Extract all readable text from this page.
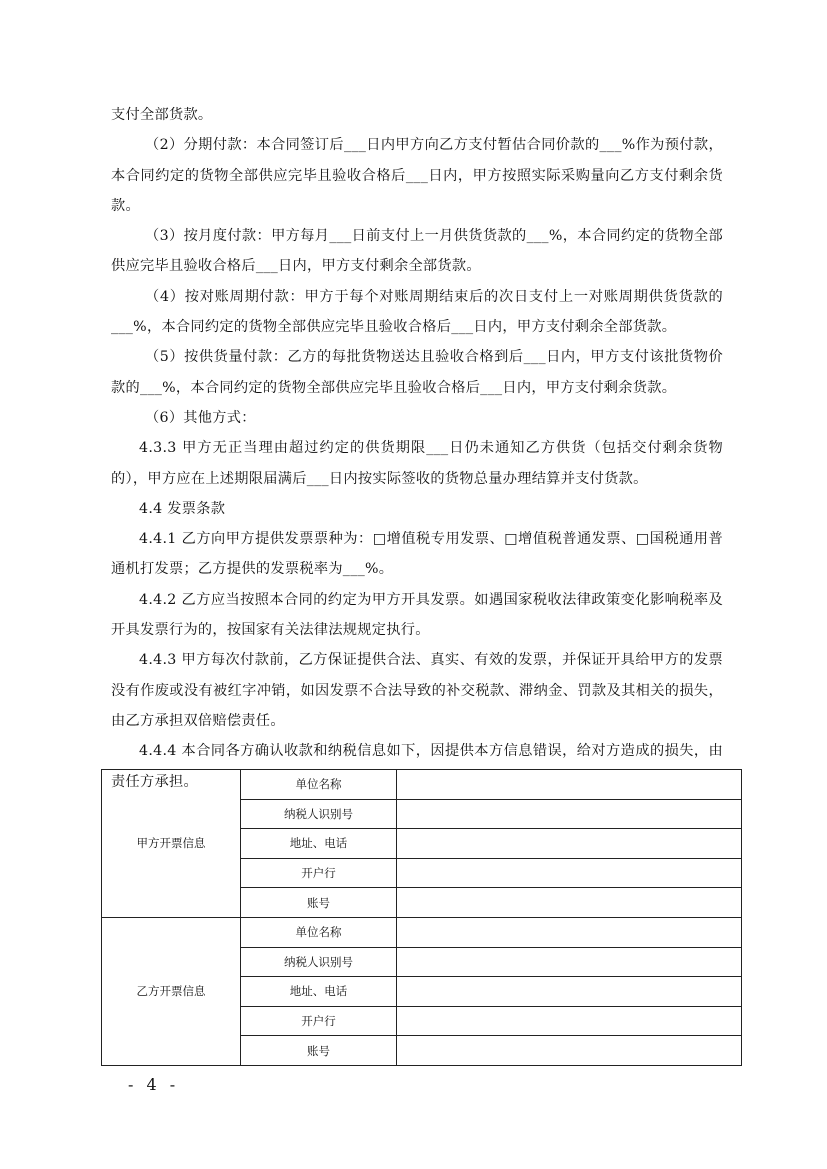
支付全部货款。

（2）分期付款：本合同签订后___日内甲方向乙方支付暂估合同价款的___%作为预付款，本合同约定的货物全部供应完毕且验收合格后___日内，甲方按照实际采购量向乙方支付剩余货款。

（3）按月度付款：甲方每月___日前支付上一月供货货款的___%，本合同约定的货物全部供应完毕且验收合格后___日内，甲方支付剩余全部货款。

（4）按对账周期付款：甲方于每个对账周期结束后的次日支付上一对账周期供货货款的___%，本合同约定的货物全部供应完毕且验收合格后___日内，甲方支付剩余全部货款。

（5）按供货量付款：乙方的每批货物送达且验收合格到后___日内，甲方支付该批货物价款的___%，本合同约定的货物全部供应完毕且验收合格后___日内，甲方支付剩余货款。

（6）其他方式：

4.3.3 甲方无正当理由超过约定的供货期限___日仍未通知乙方供货（包括交付剩余货物的），甲方应在上述期限届满后___日内按实际签收的货物总量办理结算并支付货款。

4.4 发票条款

4.4.1 乙方向甲方提供发票票种为：□增值税专用发票、□增值税普通发票、□国税通用普通机打发票；乙方提供的发票税率为___%。

4.4.2 乙方应当按照本合同的约定为甲方开具发票。如遇国家税收法律政策变化影响税率及开具发票行为的，按国家有关法律法规规定执行。

4.4.3 甲方每次付款前，乙方保证提供合法、真实、有效的发票，并保证开具给甲方的发票没有作废或没有被红字冲销，如因发票不合法导致的补交税款、滞纳金、罚款及其相关的损失，由乙方承担双倍赔偿责任。

4.4.4 本合同各方确认收款和纳税信息如下，因提供本方信息错误，给对方造成的损失，由责任方承担。

甲方开票信息	单位名称	
	纳税人识别号	
	地址、电话	
	开户行	
	账号	
乙方开票信息	单位名称	
	纳税人识别号	
	地址、电话	
	开户行	
	账号	
- 4 -
